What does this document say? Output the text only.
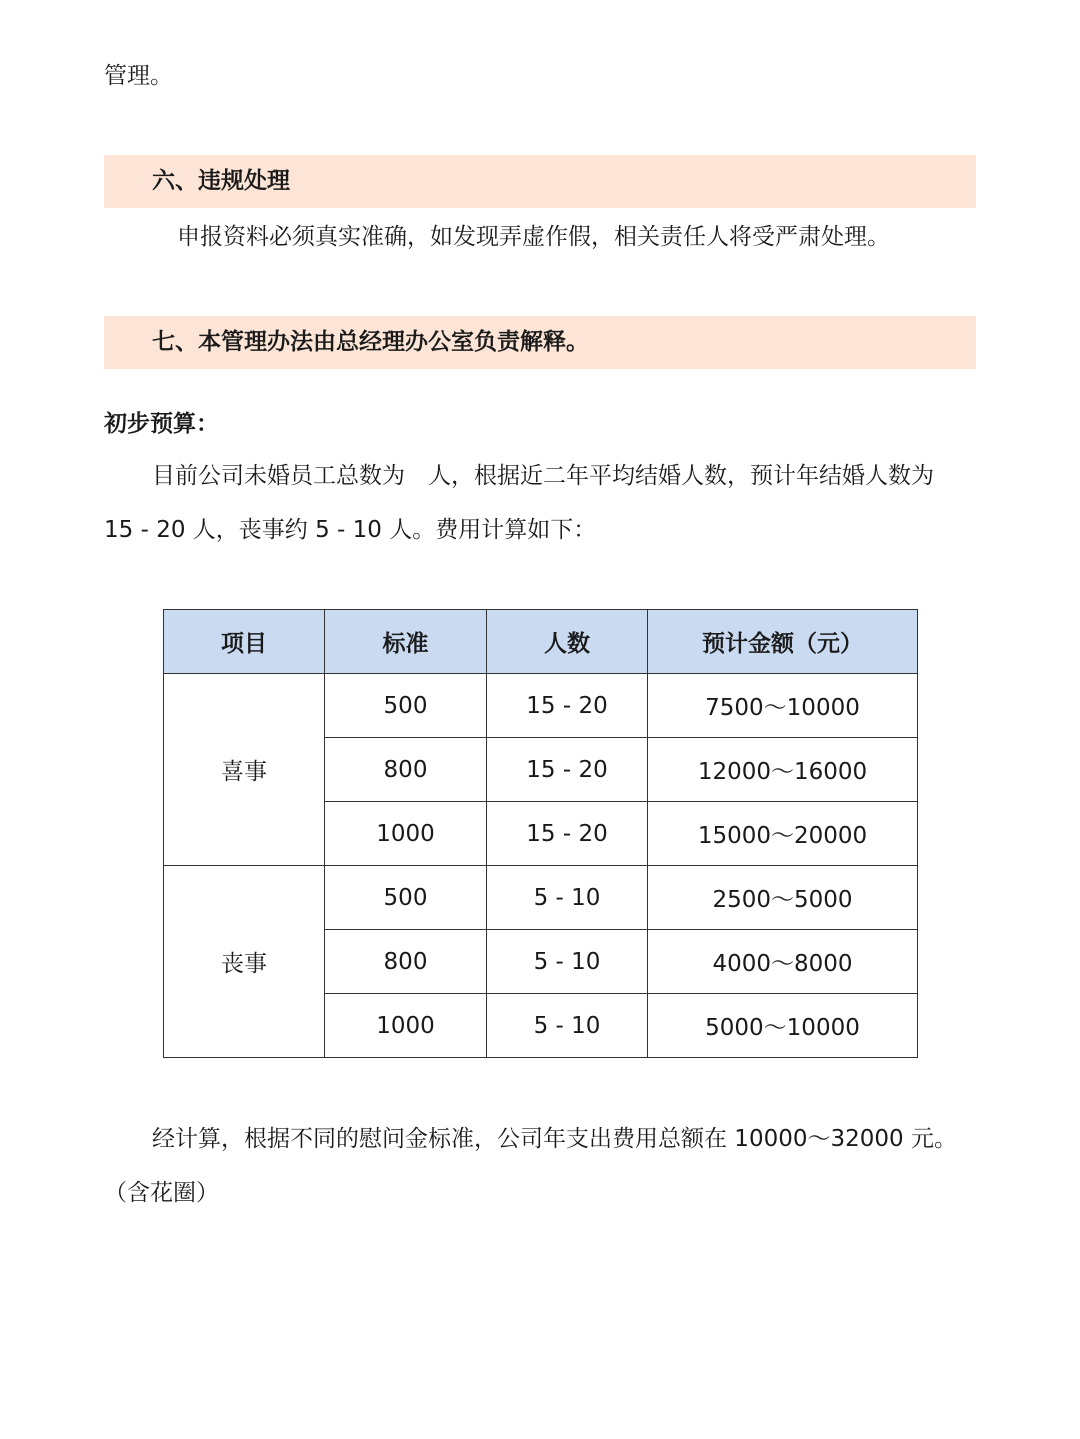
管理。
六、违规处理
申报资料必须真实准确，如发现弄虚作假，相关责任人将受严肃处理。
七、本管理办法由总经理办公室负责解释。
初步预算：
目前公司未婚员工总数为　人，根据近二年平均结婚人数，预计年结婚人数为
15 - 20 人，丧事约 5 - 10 人。费用计算如下：
项目	标准	人数	预计金额（元）
喜事	500	15 - 20	7500～10000
	800	15 - 20	12000～16000
	1000	15 - 20	15000～20000
丧事	500	5 - 10	2500～5000
	800	5 - 10	4000～8000
	1000	5 - 10	5000～10000
经计算，根据不同的慰问金标准，公司年支出费用总额在 10000～32000 元。
（含花圈）
